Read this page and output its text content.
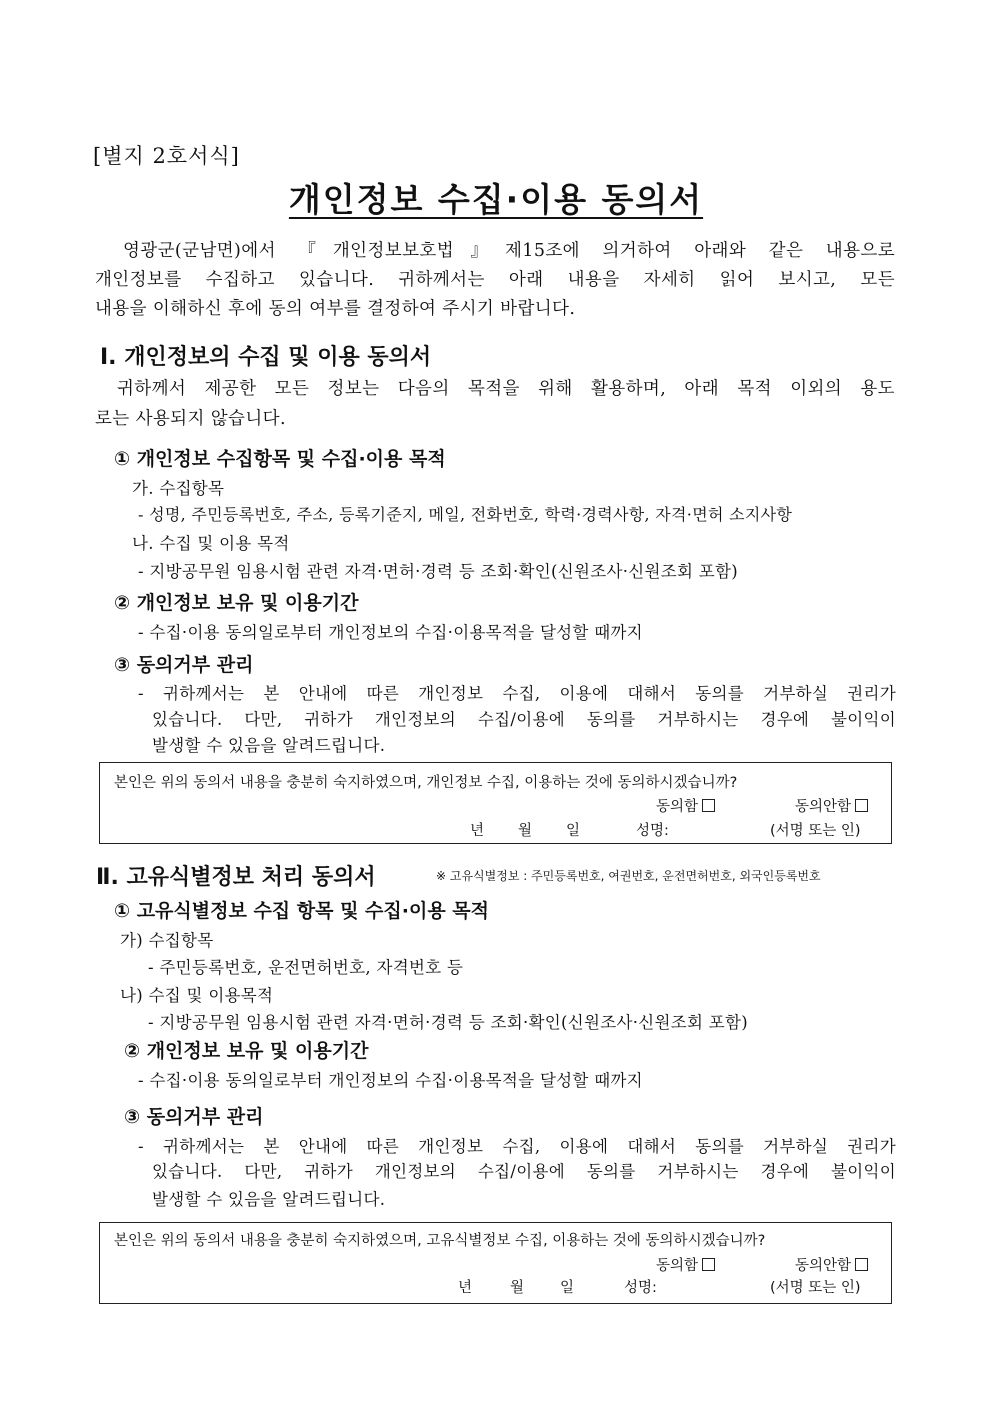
[별지 2호서식]
개인정보 수집·이용 동의서
영광군(군남면)에서 『개인정보보호법』제15조에 의거하여 아래와 같은 내용으로
개인정보를 수집하고 있습니다. 귀하께서는 아래 내용을 자세히 읽어 보시고, 모든
내용을 이해하신 후에 동의 여부를 결정하여 주시기 바랍니다.
Ⅰ. 개인정보의 수집 및 이용 동의서
귀하께서 제공한 모든 정보는 다음의 목적을 위해 활용하며, 아래 목적 이외의 용도
로는 사용되지 않습니다.
① 개인정보 수집항목 및 수집·이용 목적
가. 수집항목
- 성명, 주민등록번호, 주소, 등록기준지, 메일, 전화번호, 학력·경력사항, 자격·면허 소지사항
나. 수집 및 이용 목적
- 지방공무원 임용시험 관련 자격·면허·경력 등 조회·확인(신원조사·신원조회 포함)
② 개인정보 보유 및 이용기간
- 수집·이용 동의일로부터 개인정보의 수집·이용목적을 달성할 때까지
③ 동의거부 관리
- 귀하께서는 본 안내에 따른 개인정보 수집, 이용에 대해서 동의를 거부하실 권리가
있습니다. 다만, 귀하가 개인정보의 수집/이용에 동의를 거부하시는 경우에 불이익이
발생할 수 있음을 알려드립니다.
본인은 위의 동의서 내용을 충분히 숙지하였으며, 개인정보 수집, 이용하는 것에 동의하시겠습니까?
동의함	동의안함
년 월 일	성명:	(서명 또는 인)
Ⅱ. 고유식별정보 처리 동의서	※ 고유식별정보 : 주민등록번호, 여권번호, 운전면허번호, 외국인등록번호
① 고유식별정보 수집 항목 및 수집·이용 목적
가) 수집항목
- 주민등록번호, 운전면허번호, 자격번호 등
나) 수집 및 이용목적
- 지방공무원 임용시험 관련 자격·면허·경력 등 조회·확인(신원조사·신원조회 포함)
② 개인정보 보유 및 이용기간
- 수집·이용 동의일로부터 개인정보의 수집·이용목적을 달성할 때까지
③ 동의거부 관리
- 귀하께서는 본 안내에 따른 개인정보 수집, 이용에 대해서 동의를 거부하실 권리가
있습니다. 다만, 귀하가 개인정보의 수집/이용에 동의를 거부하시는 경우에 불이익이
발생할 수 있음을 알려드립니다.
본인은 위의 동의서 내용을 충분히 숙지하였으며, 고유식별정보 수집, 이용하는 것에 동의하시겠습니까?
동의함	동의안함
년	월 일	성명:	(서명 또는 인)
